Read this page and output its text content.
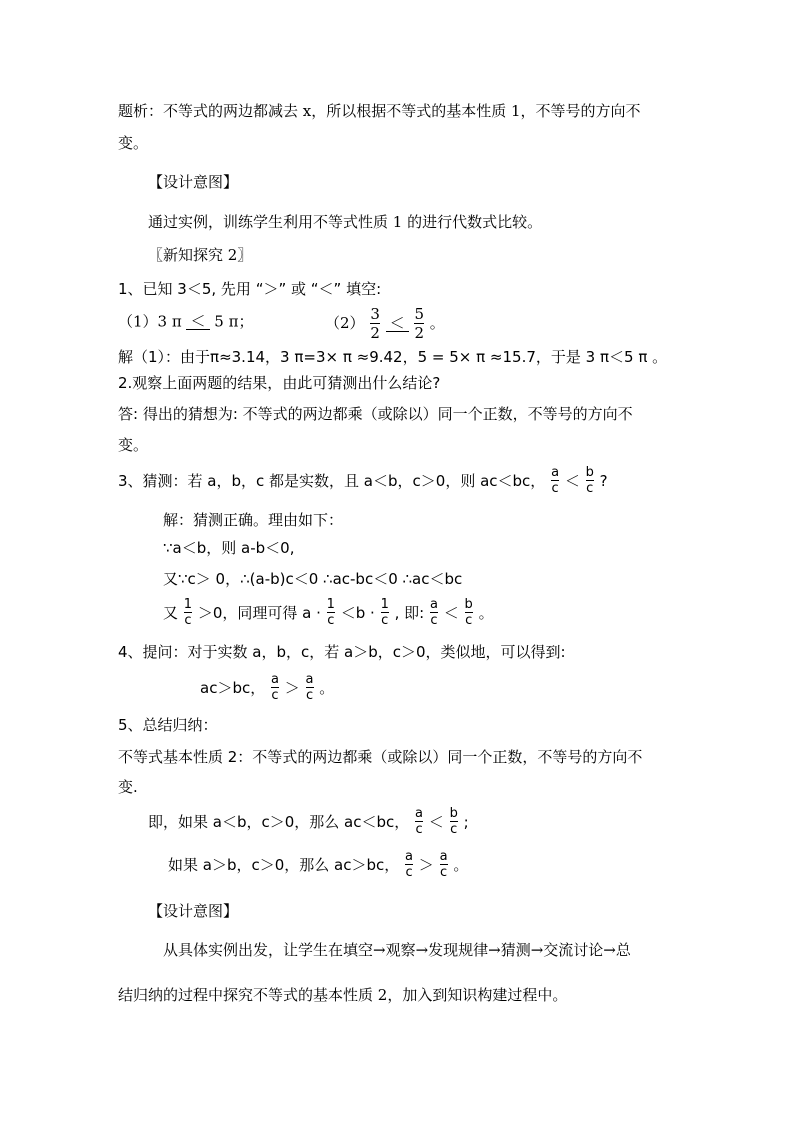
题析：不等式的两边都减去 x，所以根据不等式的基本性质 1，不等号的方向不
变。
【设计意图】
通过实例，训练学生利用不等式性质 1 的进行代数式比较。
〖新知探究 2〗
1、已知 3＜5, 先用 “＞” 或 “＜” 填空:
（1）3 π ＜ 5 π；	$(2) \frac{3}{2} < \frac{5}{2}$ 。
解（1）：由于π≈3.14，3 π=3× π ≈9.42，5 = 5× π ≈15.7，于是 3 π＜5 π 。
2.观察上面两题的结果，由此可猜测出什么结论?
答: 得出的猜想为: 不等式的两边都乘（或除以）同一个正数，不等号的方向不
变。
3、猜测：若 a，b，c 都是实数，且 a＜b，c＞0，则 ac＜bc， $\frac{a}{c} < \frac{b}{c}$ ?
解：猜测正确。理由如下：
∵a＜b，则 a-b＜0,
又∵c＞ 0，∴(a-b)c＜0 ∴ac-bc＜0 ∴ac＜bc
又 $\frac{1}{c} >0$，同理可得 $a \cdot \frac{1}{c} <b \cdot \frac{1}{c}$ , 即: $\frac{a}{c} < \frac{b}{c}$ 。
4、提问：对于实数 a，b，c，若 a＞b，c＞0，类似地，可以得到:
ac＞bc， $\frac{a}{c} > \frac{a}{c}$ 。
5、总结归纳：
不等式基本性质 2：不等式的两边都乘（或除以）同一个正数，不等号的方向不
变.
即，如果 a＜b，c＞0，那么 ac＜bc， $\frac{a}{c} < \frac{b}{c}$ ;
如果 a＞b，c＞0，那么 ac＞bc， $\frac{a}{c} > \frac{a}{c}$ 。
【设计意图】
从具体实例出发，让学生在填空→观察→发现规律→猜测→交流讨论→总
结归纳的过程中探究不等式的基本性质 2，加入到知识构建过程中。
